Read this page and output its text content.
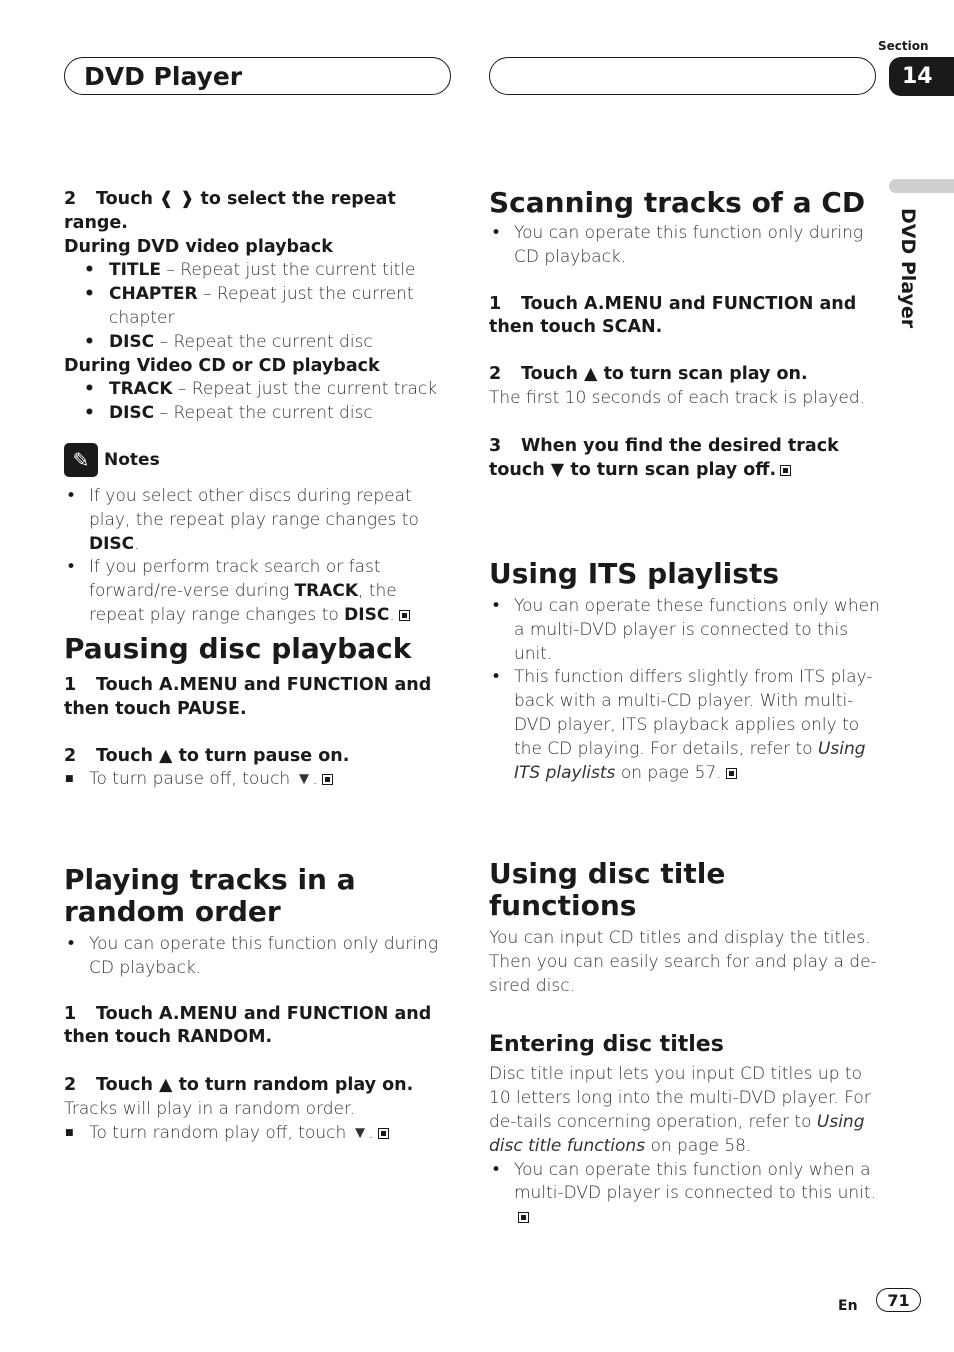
DVD Player
Section
14
DVD Player

2 Touch ❰ ❱ to select the repeat range.

During DVD video playback

• TITLE – Repeat just the current title
• CHAPTER – Repeat just the current chapter
• DISC – Repeat the current disc

During Video CD or CD playback

• TRACK – Repeat just the current track
• DISC – Repeat the current disc
✎ Notes
• If you select other discs during repeat play, the repeat play range changes to DISC.
• If you perform track search or fast forward/re-verse during TRACK, the repeat play range changes to DISC.
Pausing disc playback

1 Touch A.MENU and FUNCTION and then touch PAUSE.

2 Touch ▲ to turn pause on.

■ To turn pause off, touch ▼.
Playing tracks in a random order
• You can operate this function only during CD playback.

1 Touch A.MENU and FUNCTION and then touch RANDOM.

2 Touch ▲ to turn random play on.

Tracks will play in a random order.

■ To turn random play off, touch ▼.
Scanning tracks of a CD
• You can operate this function only during CD playback.

1 Touch A.MENU and FUNCTION and then touch SCAN.

2 Touch ▲ to turn scan play on.

The first 10 seconds of each track is played.

3 When you find the desired track touch ▼ to turn scan play off.

Using ITS playlists
• You can operate these functions only when a multi-DVD player is connected to this unit.
• This function differs slightly from ITS play-back with a multi-CD player. With multi-DVD player, ITS playback applies only to the CD playing. For details, refer to Using ITS playlists on page 57.
Using disc title functions

You can input CD titles and display the titles. Then you can easily search for and play a de-sired disc.

Entering disc titles

Disc title input lets you input CD titles up to 10 letters long into the multi-DVD player. For de-tails concerning operation, refer to Using disc title functions on page 58.

• You can operate this function only when a multi-DVD player is connected to this unit.
En	71
